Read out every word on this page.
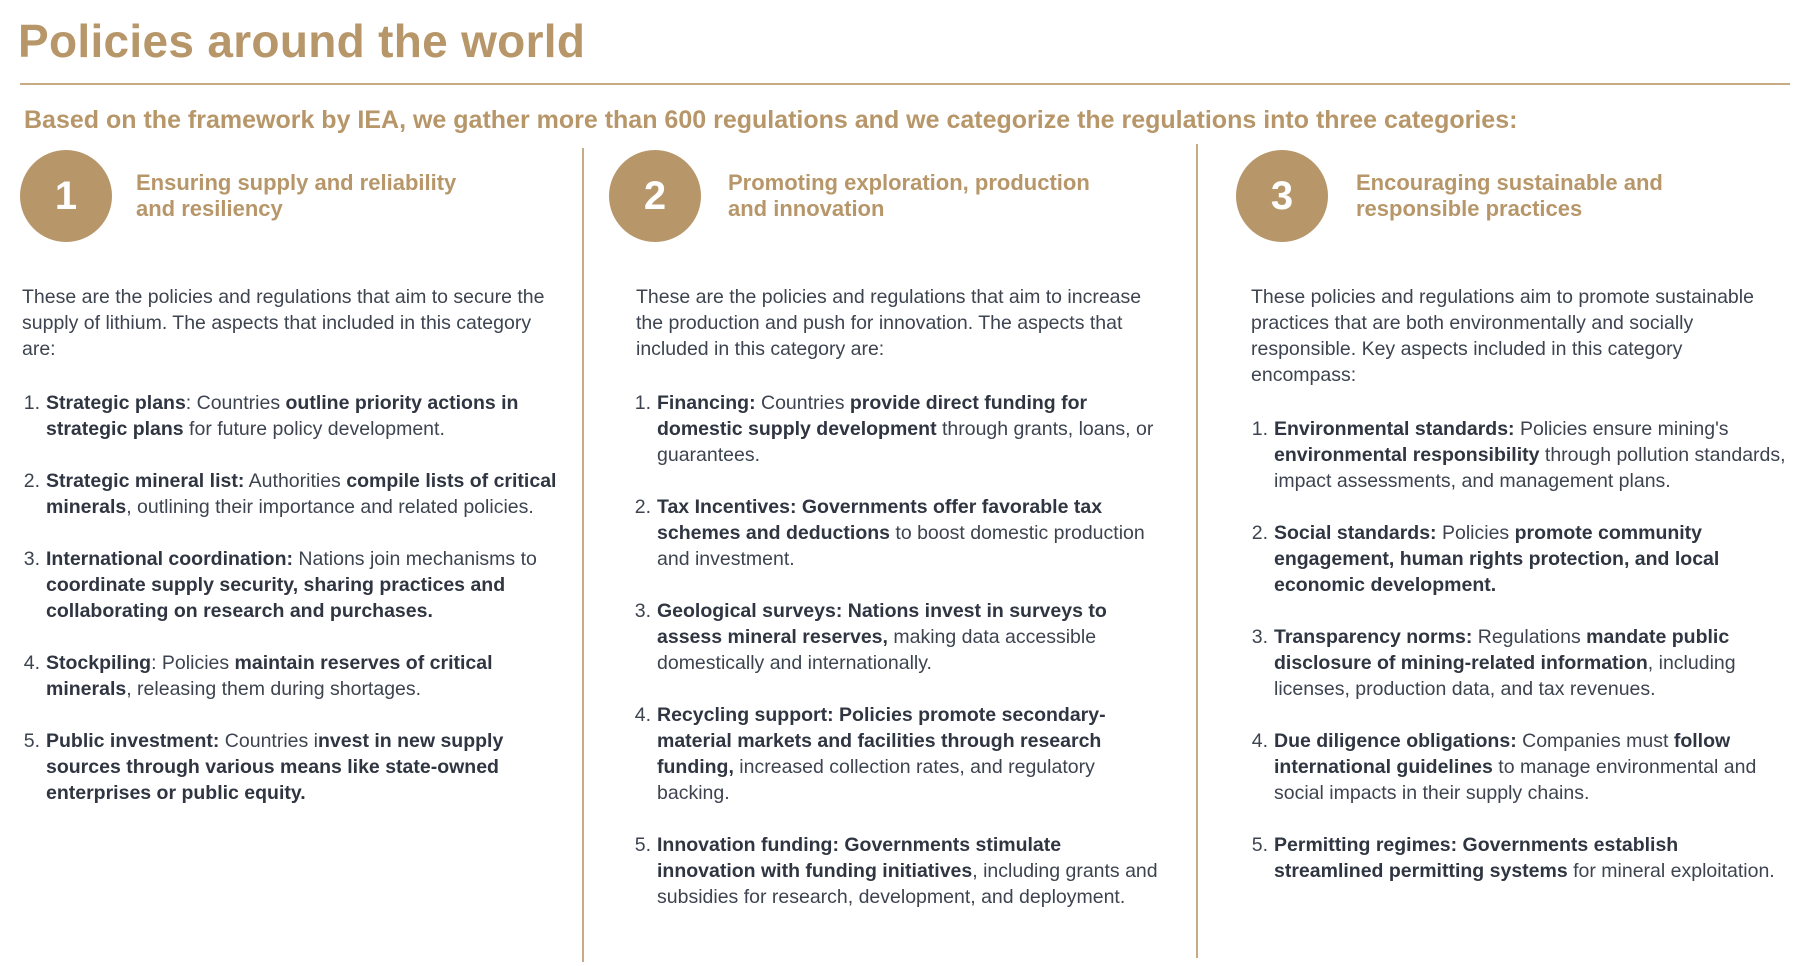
Policies around the world
Based on the framework by IEA, we gather more than 600 regulations and we categorize the regulations into three categories:
1	Ensuring supply and reliability
and resiliency
These are the policies and regulations that aim to secure the supply of lithium. The aspects that included in this category are:
1. Strategic plans: Countries outline priority actions in strategic plans for future policy development.
2. Strategic mineral list: Authorities compile lists of critical minerals, outlining their importance and related policies.
3. International coordination: Nations join mechanisms to coordinate supply security, sharing practices and collaborating on research and purchases.
4. Stockpiling: Policies maintain reserves of critical minerals, releasing them during shortages.
5. Public investment: Countries invest in new supply sources through various means like state-owned enterprises or public equity.
2	Promoting exploration, production
and innovation
These are the policies and regulations that aim to increase the production and push for innovation. The aspects that included in this category are:
1. Financing: Countries provide direct funding for domestic supply development through grants, loans, or guarantees.
2. Tax Incentives: Governments offer favorable tax schemes and deductions to boost domestic production and investment.
3. Geological surveys: Nations invest in surveys to assess mineral reserves, making data accessible domestically and internationally.
4. Recycling support: Policies promote secondary-material markets and facilities through research funding, increased collection rates, and regulatory backing.
5. Innovation funding: Governments stimulate innovation with funding initiatives, including grants and subsidies for research, development, and deployment.
3	Encouraging sustainable and
responsible practices
These policies and regulations aim to promote sustainable practices that are both environmentally and socially responsible. Key aspects included in this category encompass:
1. Environmental standards: Policies ensure mining's environmental responsibility through pollution standards, impact assessments, and management plans.
2. Social standards: Policies promote community engagement, human rights protection, and local economic development.
3. Transparency norms: Regulations mandate public disclosure of mining-related information, including licenses, production data, and tax revenues.
4. Due diligence obligations: Companies must follow international guidelines to manage environmental and social impacts in their supply chains.
5. Permitting regimes: Governments establish streamlined permitting systems for mineral exploitation.
